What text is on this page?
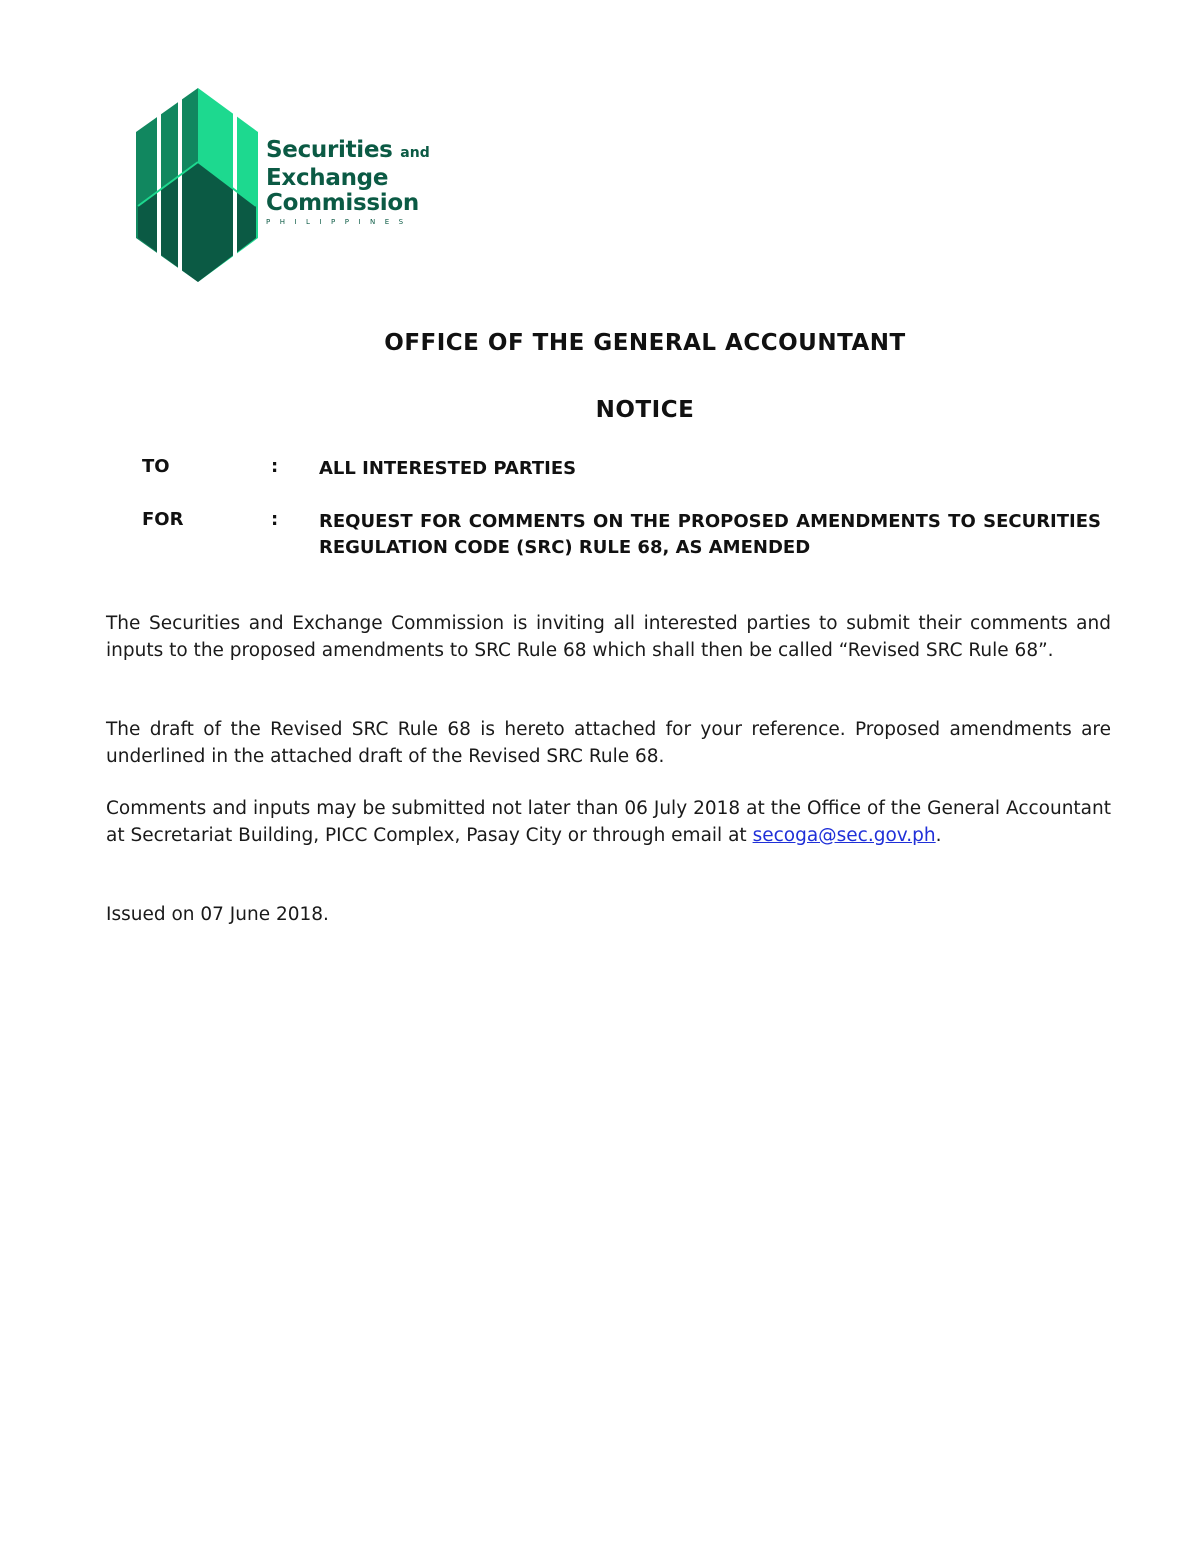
Securities and
Exchange
Commission
PHILIPPINES
OFFICE OF THE GENERAL ACCOUNTANT
NOTICE
TO	: ALL INTERESTED PARTIES
FOR	: REQUEST FOR COMMENTS ON THE PROPOSED AMENDMENTS TO SECURITIES REGULATION CODE (SRC) RULE 68, AS AMENDED

The Securities and Exchange Commission is inviting all interested parties to submit their comments and inputs to the proposed amendments to SRC Rule 68 which shall then be called “Revised SRC Rule 68”.

The draft of the Revised SRC Rule 68 is hereto attached for your reference. Proposed amendments are underlined in the attached draft of the Revised SRC Rule 68.

Comments and inputs may be submitted not later than 06 July 2018 at the Office of the General Accountant at Secretariat Building, PICC Complex, Pasay City or through email at secoga@sec.gov.ph.

Issued on 07 June 2018.
